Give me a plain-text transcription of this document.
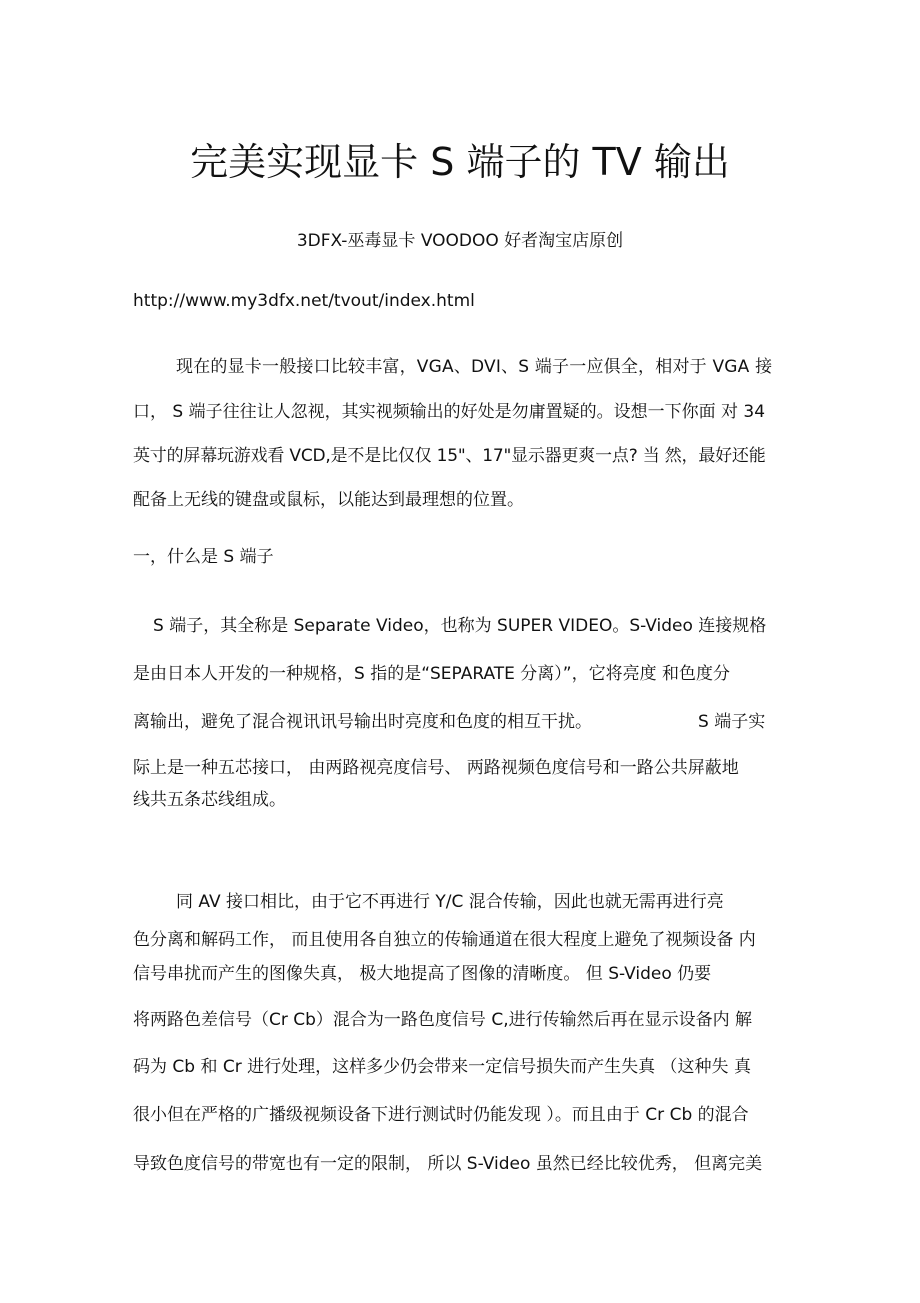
完美实现显卡 S 端子的 TV 输出
3DFX-巫毒显卡 VOODOO 好者淘宝店原创
http://www.my3dfx.net/tvout/index.html
现在的显卡一般接口比较丰富，VGA、DVI、S 端子一应俱全，相对于 VGA 接
口， S 端子往往让人忽视，其实视频输出的好处是勿庸置疑的。设想一下你面 对 34
英寸的屏幕玩游戏看 VCD,是不是比仅仅 15"、17"显示器更爽一点? 当 然，最好还能
配备上无线的键盘或鼠标，以能达到最理想的位置。
一，什么是 S 端子
S 端子，其全称是 Separate Video，也称为 SUPER VIDEO。S-Video 连接规格
是由日本人开发的一种规格，S 指的是“SEPARATE 分离）”，它将亮度 和色度分
离输出，避免了混合视讯讯号输出时亮度和色度的相互干扰。	S 端子实
际上是一种五芯接口， 由两路视亮度信号、 两路视频色度信号和一路公共屏蔽地
线共五条芯线组成。
同 AV 接口相比，由于它不再进行 Y/C 混合传输，因此也就无需再进行亮
色分离和解码工作， 而且使用各自独立的传输通道在很大程度上避免了视频设备 内
信号串扰而产生的图像失真， 极大地提高了图像的清晰度。 但 S-Video 仍要
将两路色差信号（Cr Cb）混合为一路色度信号 C,进行传输然后再在显示设备内 解
码为 Cb 和 Cr 进行处理，这样多少仍会带来一定信号损失而产生失真 （这种失 真
很小但在严格的广播级视频设备下进行测试时仍能发现 ）。而且由于 Cr Cb 的混合
导致色度信号的带宽也有一定的限制， 所以 S-Video 虽然已经比较优秀， 但离完美
